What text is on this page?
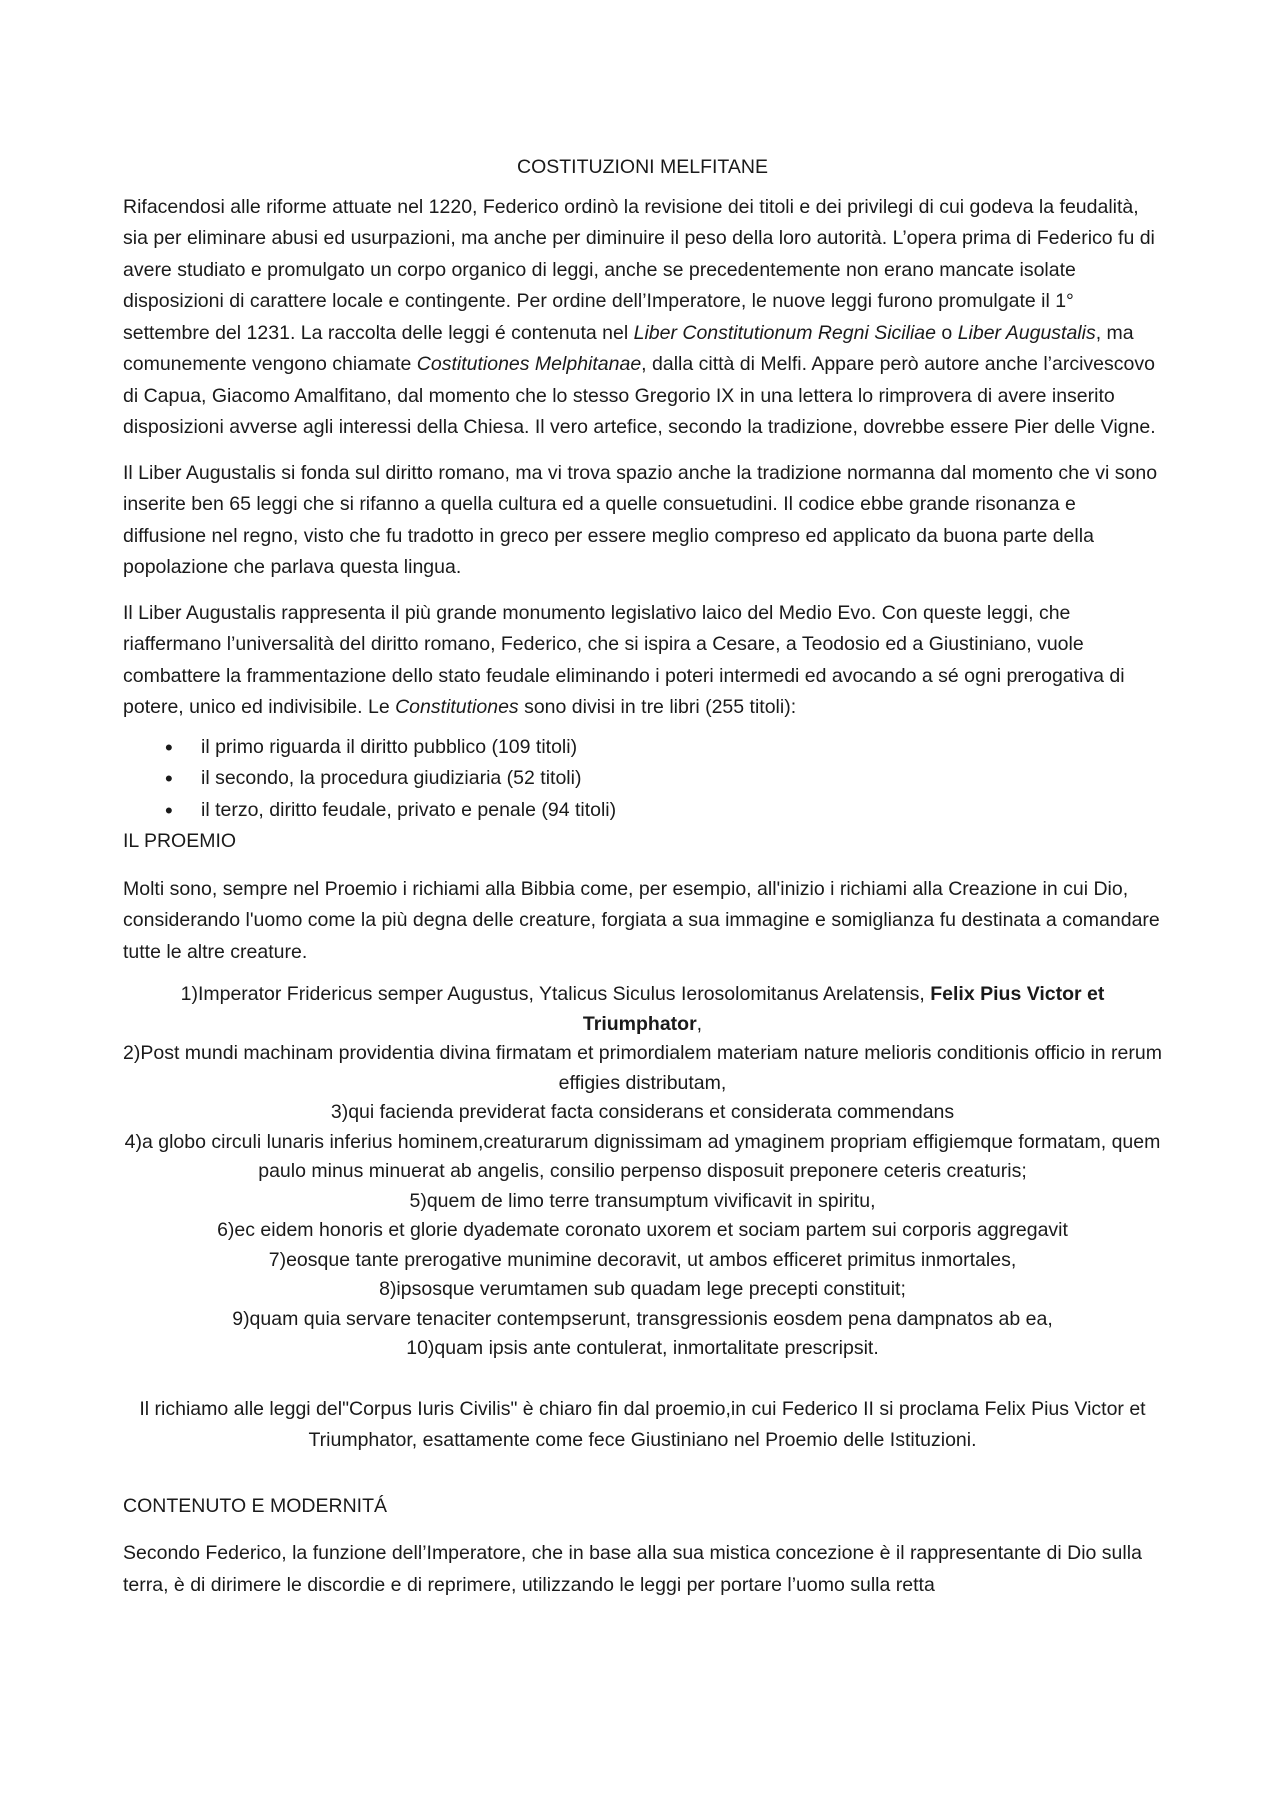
COSTITUZIONI MELFITANE

Rifacendosi alle riforme attuate nel 1220, Federico ordinò la revisione dei titoli e dei privilegi di cui godeva la feudalità, sia per eliminare abusi ed usurpazioni, ma anche per diminuire il peso della loro autorità. L’opera prima di Federico fu di avere studiato e promulgato un corpo organico di leggi, anche se precedentemente non erano mancate isolate disposizioni di carattere locale e contingente. Per ordine dell’Imperatore, le nuove leggi furono promulgate il 1° settembre del 1231. La raccolta delle leggi é contenuta nel Liber Constitutionum Regni Siciliae o Liber Augustalis, ma comunemente vengono chiamate Costitutiones Melphitanae, dalla città di Melfi. Appare però autore anche l’arcivescovo di Capua, Giacomo Amalfitano, dal momento che lo stesso Gregorio IX in una lettera lo rimprovera di avere inserito disposizioni avverse agli interessi della Chiesa. Il vero artefice, secondo la tradizione, dovrebbe essere Pier delle Vigne.

Il Liber Augustalis si fonda sul diritto romano, ma vi trova spazio anche la tradizione normanna dal momento che vi sono inserite ben 65 leggi che si rifanno a quella cultura ed a quelle consuetudini. Il codice ebbe grande risonanza e diffusione nel regno, visto che fu tradotto in greco per essere meglio compreso ed applicato da buona parte della popolazione che parlava questa lingua.

Il Liber Augustalis rappresenta il più grande monumento legislativo laico del Medio Evo. Con queste leggi, che riaffermano l’universalità del diritto romano, Federico, che si ispira a Cesare, a Teodosio ed a Giustiniano, vuole combattere la frammentazione dello stato feudale eliminando i poteri intermedi ed avocando a sé ogni prerogativa di potere, unico ed indivisibile. Le Constitutiones sono divisi in tre libri (255 titoli):

• il primo riguarda il diritto pubblico (109 titoli)
• il secondo, la procedura giudiziaria (52 titoli)
• il terzo, diritto feudale, privato e penale (94 titoli)
IL PROEMIO

Molti sono, sempre nel Proemio i richiami alla Bibbia come, per esempio, all'inizio i richiami alla Creazione in cui Dio, considerando l'uomo come la più degna delle creature, forgiata a sua immagine e somiglianza fu destinata a comandare tutte le altre creature.

1)Imperator Fridericus semper Augustus, Ytalicus Siculus Ierosolomitanus Arelatensis, Felix Pius Victor et Triumphator,
2)Post mundi machinam providentia divina firmatam et primordialem materiam nature melioris conditionis officio in rerum effigies distributam,
3)qui facienda previderat facta considerans et considerata commendans
4)a globo circuli lunaris inferius hominem,creaturarum dignissimam ad ymaginem propriam effigiemque formatam, quem paulo minus minuerat ab angelis, consilio perpenso disposuit preponere ceteris creaturis;
5)quem de limo terre transumptum vivificavit in spiritu,
6)ec eidem honoris et glorie dyademate coronato uxorem et sociam partem sui corporis aggregavit
7)eosque tante prerogative munimine decoravit, ut ambos efficeret primitus inmortales,
8)ipsosque verumtamen sub quadam lege precepti constituit;
9)quam quia servare tenaciter contempserunt, transgressionis eosdem pena dampnatos ab ea,
10)quam ipsis ante contulerat, inmortalitate prescripsit.
Il richiamo alle leggi del"Corpus Iuris Civilis" è chiaro fin dal proemio,in cui Federico II si proclama Felix Pius Victor et Triumphator, esattamente come fece Giustiniano nel Proemio delle Istituzioni.
CONTENUTO E MODERNITÁ

Secondo Federico, la funzione dell’Imperatore, che in base alla sua mistica concezione è il rappresentante di Dio sulla terra, è di dirimere le discordie e di reprimere, utilizzando le leggi per portare l’uomo sulla retta
